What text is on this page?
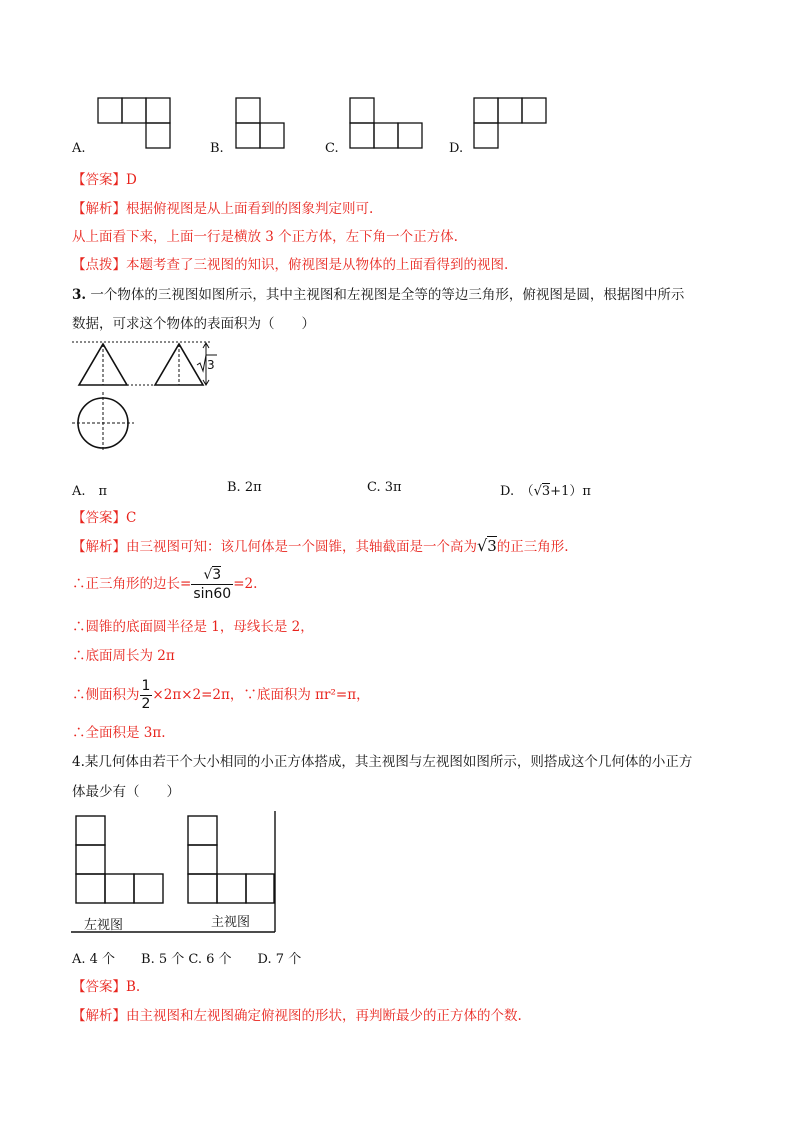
A.	B.	C.	D.
【答案】D
【解析】根据俯视图是从上面看到的图象判定则可.
从上面看下来，上面一行是横放 3 个正方体，左下角一个正方体.
【点拨】本题考查了三视图的知识，俯视图是从物体的上面看得到的视图.
3. 一个物体的三视图如图所示，其中主视图和左视图是全等的等边三角形，俯视图是圆，根据图中所示
数据，可求这个物体的表面积为（　　）
3
A.　π	B. 2π	C. 3π	D.　（√3+1）π
【答案】C
【解析】由三视图可知：该几何体是一个圆锥，其轴截面是一个高为√3的正三角形.
∴正三角形的边长= $\frac{√3}{\sin 60} =2$.
∴圆锥的底面圆半径是 1，母线长是 2，
∴底面周长为 2π
∴侧面积为 $\frac{1}{2} \times 2\pi\times 2=2\pi$，∵底面积为 πr²=π，
∴全面积是 3π.
4.某几何体由若干个大小相同的小正方体搭成，其主视图与左视图如图所示，则搭成这个几何体的小正方
体最少有（　　）
左视图	主视图
A. 4 个　　B. 5 个 C. 6 个　　D. 7 个
【答案】B.
【解析】由主视图和左视图确定俯视图的形状，再判断最少的正方体的个数.
